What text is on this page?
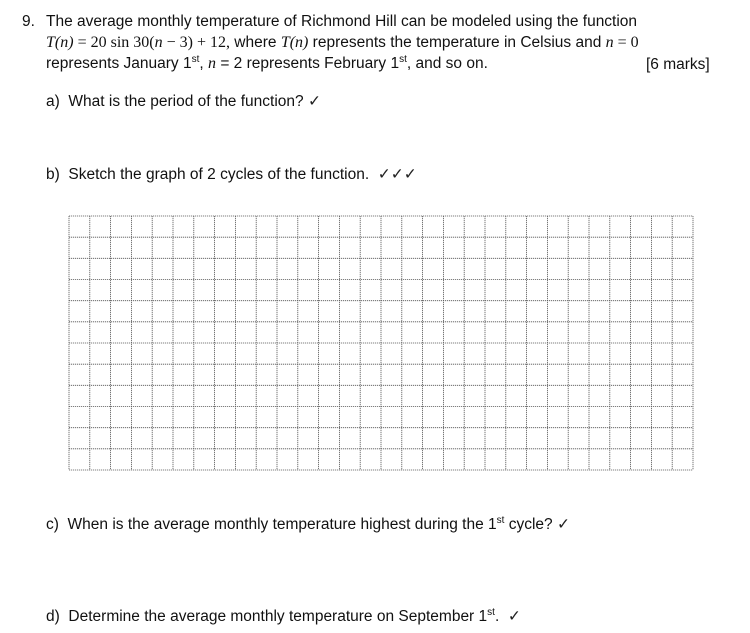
9. The average monthly temperature of Richmond Hill can be modeled using the function
T(n) = 20 sin 30(n − 3) + 12, where T(n) represents the temperature in Celsius and n = 0
represents January 1st, n = 2 represents February 1st, and so on.	[6 marks]
a) What is the period of the function? ✓
b) Sketch the graph of 2 cycles of the function. ✓✓✓
c) When is the average monthly temperature highest during the 1st cycle? ✓
d) Determine the average monthly temperature on September 1st. ✓
